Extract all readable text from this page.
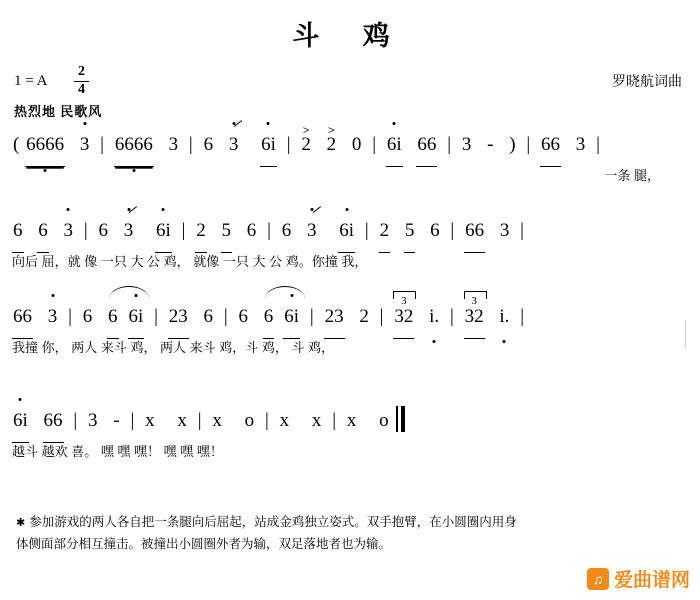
斗 鸡
1 = A
2
4	罗晓航词曲
热烈地 民歌风
( 6666 3 | 6666 3 | 6 3 6i | > 2 > 2 0 | 6i 66 | 3 - ) | 66 3 |
一条 腿，
6 6 3 | 6 3 6i | 2 5 6 | 6 3 6i | 2 5 6 | 66 3 |
向后 屈，就 像 一只 大 公 鸡， 就像 一只 大 公 鸡。你撞 我，
66 3 | 6 6 6i | 23 6 | 6 6 6i | 23 2 | 3 32 i. | 3 32 i. |
我撞 你， 两人 来斗 鸡， 两人 来斗 鸡，斗 鸡， 斗 鸡，
6i 66 | 3 - | x x | x o | x x | x o
越斗 越欢 喜。 嘿 嘿 嘿！ 嘿 嘿 嘿！
✱ 参加游戏的两人各自把一条腿向后屈起，站成金鸡独立姿式。双手抱臂，在小圆圈内用身
体侧面部分相互撞击。被撞出小圆圈外者为输，双足落地者也为输。
♫ 爱曲谱网
